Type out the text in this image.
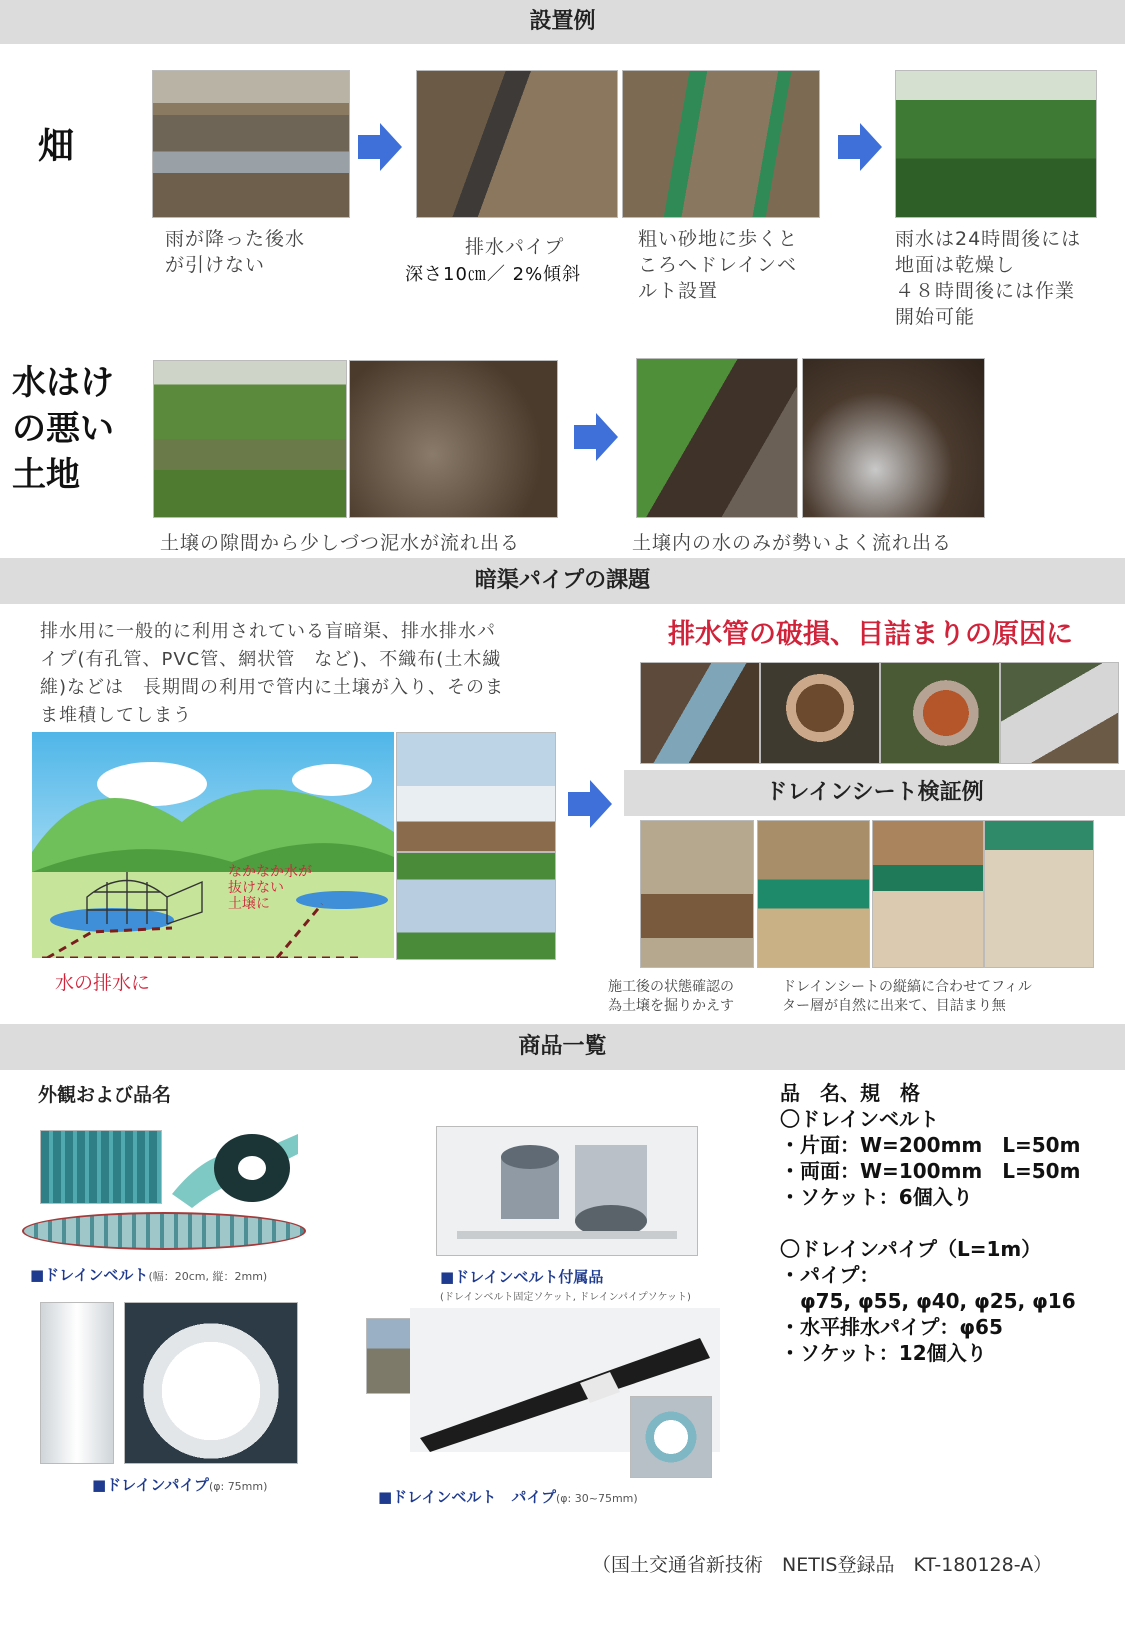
設置例
畑
雨が降った後水
が引けない
排水パイプ
深さ10㎝／ 2%傾斜
粗い砂地に歩くと
ころへドレインベ
ルト設置
雨水は24時間後には
地面は乾燥し
４８時間後には作業
開始可能
水はけ
の悪い
土地
土壌の隙間から少しづつ泥水が流れ出る	土壌内の水のみが勢いよく流れ出る
暗渠パイプの課題
排水用に一般的に利用されている盲暗渠、排水排水パ
イプ(有孔管、PVC管、網状管　など)、不織布(土木繊
維)などは　長期間の利用で管内に土壌が入り、そのま
ま堆積してしまう
なかなか水が
抜けない
土壌に
水の排水に
排水管の破損、目詰まりの原因に
ドレインシート検証例
施工後の状態確認の
為土壌を掘りかえす
ドレインシートの縦縞に合わせてフィル
ター層が自然に出来て、目詰まり無
商品一覧
外観および品名
■ドレインベルト(幅：20cm, 縦：2mm)	■ドレインベルト付属品
(ドレインベルト固定ソケット, ドレインパイプソケット)
■ドレインパイプ(φ: 75mm)
■ドレインベルト　パイプ(φ: 30~75mm)
品　名、規　格
〇ドレインベルト
・片面：W=200mm　L=50m
・両面：W=100mm　L=50m
・ソケット：6個入り

〇ドレインパイプ（L=1m）
・パイプ：
　φ75, φ55, φ40, φ25, φ16
・水平排水パイプ：φ65
・ソケット：12個入り
（国土交通省新技術　NETIS登録品　KT-180128-A）
